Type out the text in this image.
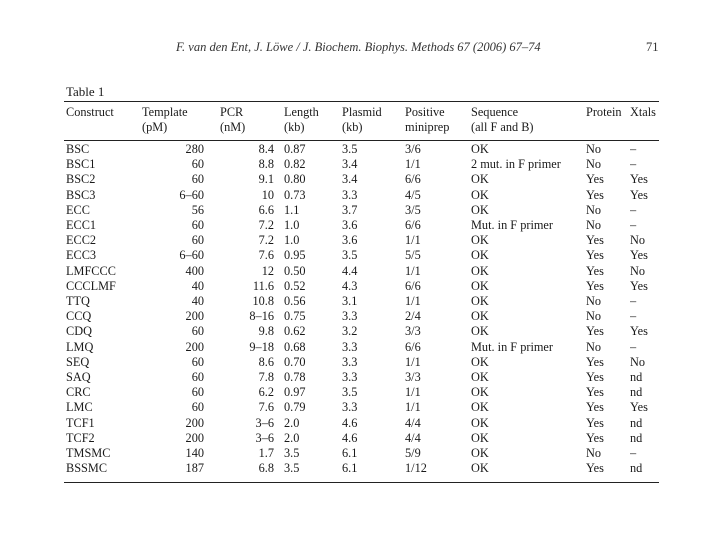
F. van den Ent, J. Löwe / J. Biochem. Biophys. Methods 67 (2006) 67–74	71
Table 1
Construct	Template	PCR	Length	Plasmid	Positive	Sequence	Protein	Xtals
	(pM)	(nM)	(kb)	(kb)	miniprep	(all F and B)		
BSC	280	8.4	0.87	3.5	3/6	OK	No	–
BSC1	60	8.8	0.82	3.4	1/1	2 mut. in F primer	No	–
BSC2	60	9.1	0.80	3.4	6/6	OK	Yes	Yes
BSC3	6–60	10	0.73	3.3	4/5	OK	Yes	Yes
ECC	56	6.6	1.1	3.7	3/5	OK	No	–
ECC1	60	7.2	1.0	3.6	6/6	Mut. in F primer	No	–
ECC2	60	7.2	1.0	3.6	1/1	OK	Yes	No
ECC3	6–60	7.6	0.95	3.5	5/5	OK	Yes	Yes
LMFCCC	400	12	0.50	4.4	1/1	OK	Yes	No
CCCLMF	40	11.6	0.52	4.3	6/6	OK	Yes	Yes
TTQ	40	10.8	0.56	3.1	1/1	OK	No	–
CCQ	200	8–16	0.75	3.3	2/4	OK	No	–
CDQ	60	9.8	0.62	3.2	3/3	OK	Yes	Yes
LMQ	200	9–18	0.68	3.3	6/6	Mut. in F primer	No	–
SEQ	60	8.6	0.70	3.3	1/1	OK	Yes	No
SAQ	60	7.8	0.78	3.3	3/3	OK	Yes	nd
CRC	60	6.2	0.97	3.5	1/1	OK	Yes	nd
LMC	60	7.6	0.79	3.3	1/1	OK	Yes	Yes
TCF1	200	3–6	2.0	4.6	4/4	OK	Yes	nd
TCF2	200	3–6	2.0	4.6	4/4	OK	Yes	nd
TMSMC	140	1.7	3.5	6.1	5/9	OK	No	–
BSSMC	187	6.8	3.5	6.1	1/12	OK	Yes	nd
